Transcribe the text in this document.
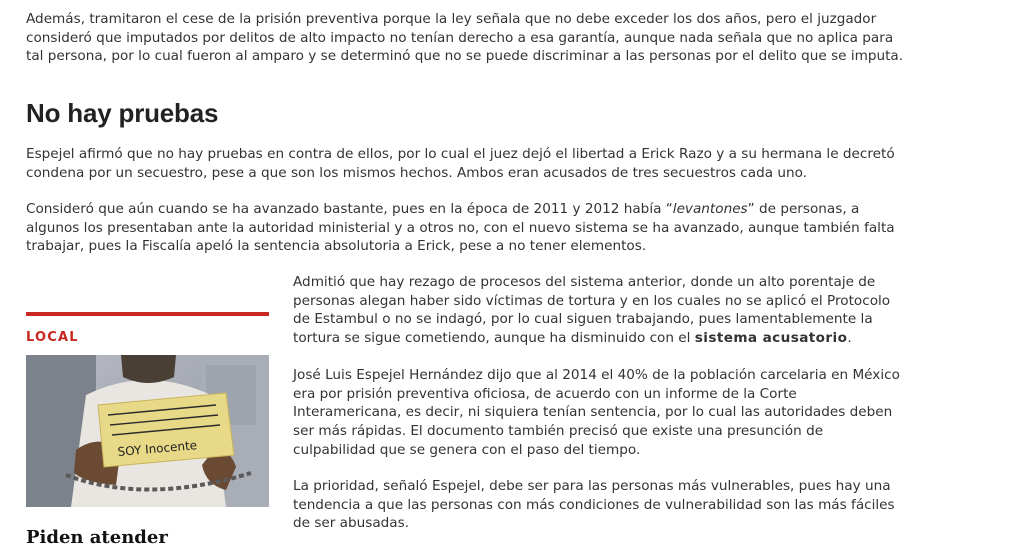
Además, tramitaron el cese de la prisión preventiva porque la ley señala que no debe exceder los dos años, pero el juzgador consideró que imputados por delitos de alto impacto no tenían derecho a esa garantía, aunque nada señala que no aplica para tal persona, por lo cual fueron al amparo y se determinó que no se puede discriminar a las personas por el delito que se imputa.

No hay pruebas

Espejel afirmó que no hay pruebas en contra de ellos, por lo cual el juez dejó el libertad a Erick Razo y a su hermana le decretó condena por un secuestro, pese a que son los mismos hechos. Ambos eran acusados de tres secuestros cada uno.

Consideró que aún cuando se ha avanzado bastante, pues en la época de 2011 y 2012 había “levantones” de personas, a algunos los presentaban ante la autoridad ministerial y a otros no, con el nuevo sistema se ha avanzado, aunque también falta trabajar, pues la Fiscalía apeló la sentencia absolutoria a Erick, pese a no tener elementos.

LOCAL
SOY Inocente
Piden atender

Admitió que hay rezago de procesos del sistema anterior, donde un alto porentaje de personas alegan haber sido víctimas de tortura y en los cuales no se aplicó el Protocolo de Estambul o no se indagó, por lo cual siguen trabajando, pues lamentablemente la tortura se sigue cometiendo, aunque ha disminuido con el sistema acusatorio.

José Luis Espejel Hernández dijo que al 2014 el 40% de la población carcelaria en México era por prisión preventiva oficiosa, de acuerdo con un informe de la Corte Interamericana, es decir, ni siquiera tenían sentencia, por lo cual las autoridades deben ser más rápidas. El documento también precisó que existe una presunción de culpabilidad que se genera con el paso del tiempo.

La prioridad, señaló Espejel, debe ser para las personas más vulnerables, pues hay una tendencia a que las personas con más condiciones de vulnerabilidad son las más fáciles de ser abusadas.
